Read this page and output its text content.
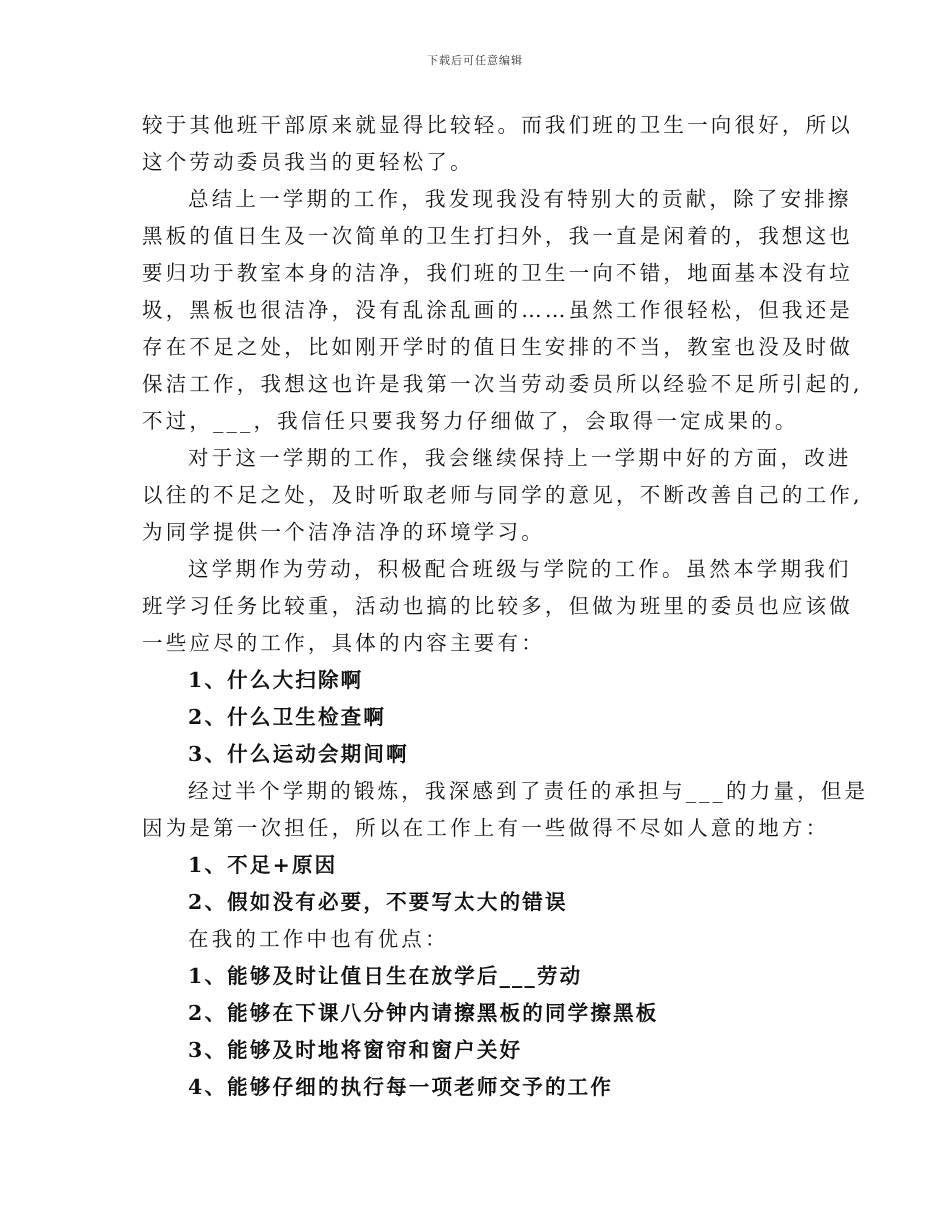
下载后可任意编辑
较于其他班干部原来就显得比较轻。而我们班的卫生一向很好，所以
这个劳动委员我当的更轻松了。
总结上一学期的工作，我发现我没有特别大的贡献，除了安排擦
黑板的值日生及一次简单的卫生打扫外，我一直是闲着的，我想这也
要归功于教室本身的洁净，我们班的卫生一向不错，地面基本没有垃
圾，黑板也很洁净，没有乱涂乱画的……虽然工作很轻松，但我还是
存在不足之处，比如刚开学时的值日生安排的不当，教室也没及时做
保洁工作，我想这也许是我第一次当劳动委员所以经验不足所引起的,
不过，___，我信任只要我努力仔细做了，会取得一定成果的。
对于这一学期的工作，我会继续保持上一学期中好的方面，改进
以往的不足之处，及时听取老师与同学的意见，不断改善自己的工作,
为同学提供一个洁净洁净的环境学习。
这学期作为劳动，积极配合班级与学院的工作。虽然本学期我们
班学习任务比较重，活动也搞的比较多，但做为班里的委员也应该做
一些应尽的工作，具体的内容主要有：
1、什么大扫除啊
2、什么卫生检查啊
3、什么运动会期间啊
经过半个学期的锻炼，我深感到了责任的承担与___的力量，但是
因为是第一次担任，所以在工作上有一些做得不尽如人意的地方：
1、不足+原因
2、假如没有必要，不要写太大的错误
在我的工作中也有优点：
1、能够及时让值日生在放学后___劳动
2、能够在下课八分钟内请擦黑板的同学擦黑板
3、能够及时地将窗帘和窗户关好
4、能够仔细的执行每一项老师交予的工作
